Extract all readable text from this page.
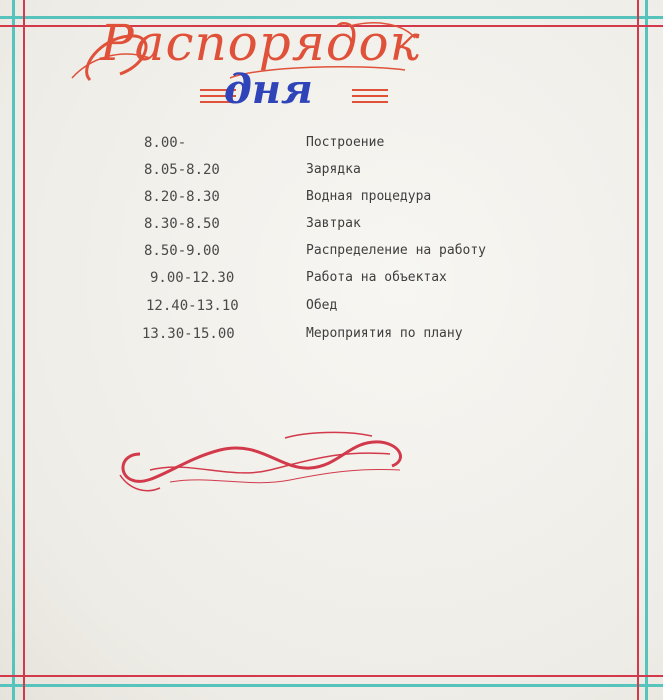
Распорядок
дня
8.00-	Построение
8.05-8.20	Зарядка
8.20-8.30	Водная процедура
8.30-8.50	Завтрак
8.50-9.00	Распределение на работу
9.00-12.30	Работа на объектах
12.40-13.10	Обед
13.30-15.00	Мероприятия по плану
